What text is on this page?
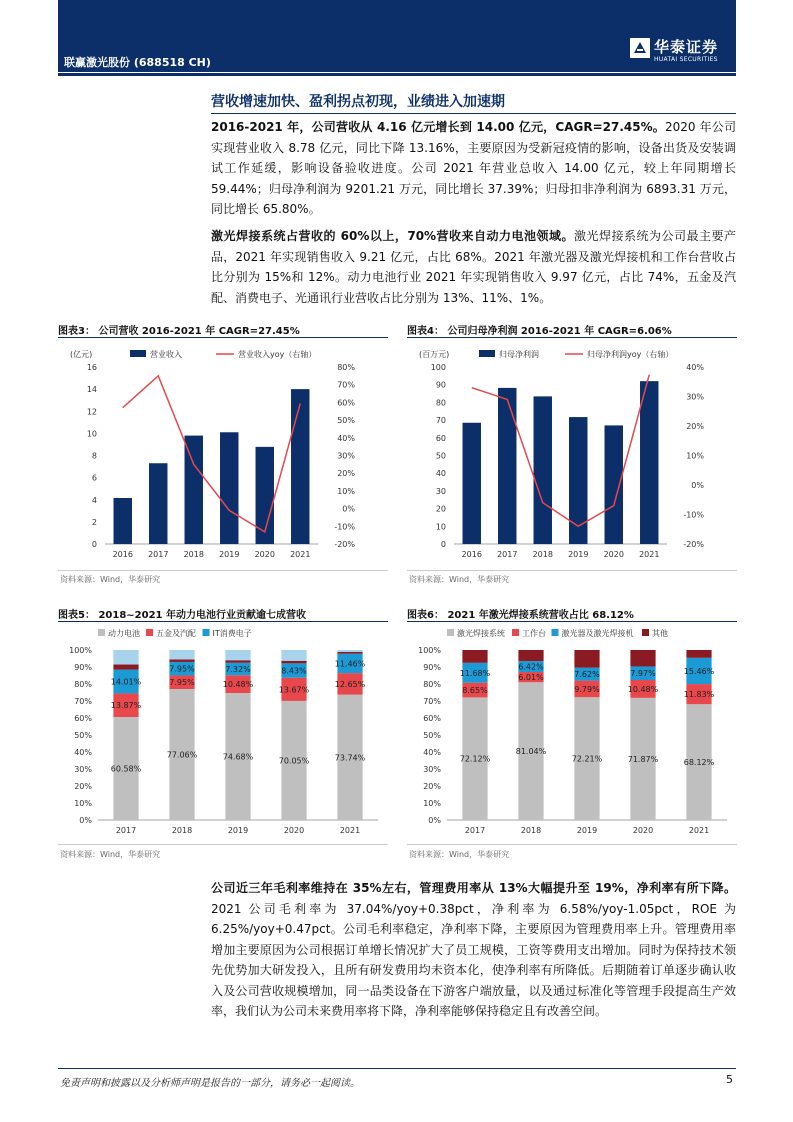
联赢激光股份 (688518 CH)
华泰证券
HUATAI SECURITIES
营收增速加快、盈利拐点初现，业绩进入加速期
2016-2021 年，公司营收从 4.16 亿元增长到 14.00 亿元，CAGR=27.45%。2020 年公司实现营业收入 8.78 亿元，同比下降 13.16%，主要原因为受新冠疫情的影响，设备出货及安装调试工作延缓，影响设备验收进度。公司 2021 年营业总收入 14.00 亿元，较上年同期增长 59.44%；归母净利润为 9201.21 万元，同比增长 37.39%；归母扣非净利润为 6893.31 万元，同比增长 65.80%。
激光焊接系统占营收的 60%以上，70%营收来自动力电池领域。激光焊接系统为公司最主要产品，2021 年实现销售收入 9.21 亿元，占比 68%。2021 年激光器及激光焊接机和工作台营收占比分别为 15%和 12%。动力电池行业 2021 年实现销售收入 9.97 亿元，占比 74%，五金及汽配、消费电子、光通讯行业营收占比分别为 13%、11%、1%。
图表3： 公司营收 2016-2021 年 CAGR=27.45%	图表4： 公司归母净利润 2016-2021 年 CAGR=6.06%
(亿元)	营业收入	营业收入yoy（右轴）
0
2
4
6
8
10
12
14
16
-20%
-10%
0%
10%
20%
30%
40%
50%
60%
70%
80%
2016 2017 2018 2019 2020 2021
(百万元)	归母净利润	归母净利润yoy（右轴）
0
10
20
30
40
50
60
70
80
90
100
-20%
-10%
0%
10%
20%
30%
40%
2016 2017 2018 2019 2020 2021
资料来源：Wind，华泰研究	资料来源：Wind，华泰研究
图表5： 2018~2021 年动力电池行业贡献逾七成营收	图表6： 2021 年激光焊接系统营收占比 68.12%
动力电池 五金及汽配 IT消费电子
0%
10%
20%
30%
40%
50%
60%
70%
80%
90%
100%
60.58%
13.87%
14.01%
2017
77.06%
7.95%
7.95%
2018
74.68%
10.48%
7.32%
2019
70.05%
13.67%
8.43%
2020
73.74%
12.65%
11.46%
2021
激光焊接系统 工作台 激光器及激光焊接机 其他
0%
10%
20%
30%
40%
50%
60%
70%
80%
90%
100%
72.12%
8.65%
11.68%
2017
81.04%
6.01%
6.42%
2018
72.21%
9.79%
7.62%
2019
71.87%
10.48%
7.97%
2020
68.12%
11.83%
15.46%
2021
资料来源：Wind，华泰研究	资料来源：Wind，华泰研究
公司近三年毛利率维持在 35%左右，管理费用率从 13%大幅提升至 19%，净利率有所下降。2021 公司毛利率为 37.04%/yoy+0.38pct，净利率为 6.58%/yoy-1.05pct，ROE 为 6.25%/yoy+0.47pct。公司毛利率稳定，净利率下降，主要原因为管理费用率上升。管理费用率增加主要原因为公司根据订单增长情况扩大了员工规模，工资等费用支出增加。同时为保持技术领先优势加大研发投入，且所有研发费用均未资本化，使净利率有所降低。后期随着订单逐步确认收入及公司营收规模增加，同一品类设备在下游客户端放量，以及通过标准化等管理手段提高生产效率，我们认为公司未来费用率将下降，净利率能够保持稳定且有改善空间。
免责声明和披露以及分析师声明是报告的一部分，请务必一起阅读。	5
